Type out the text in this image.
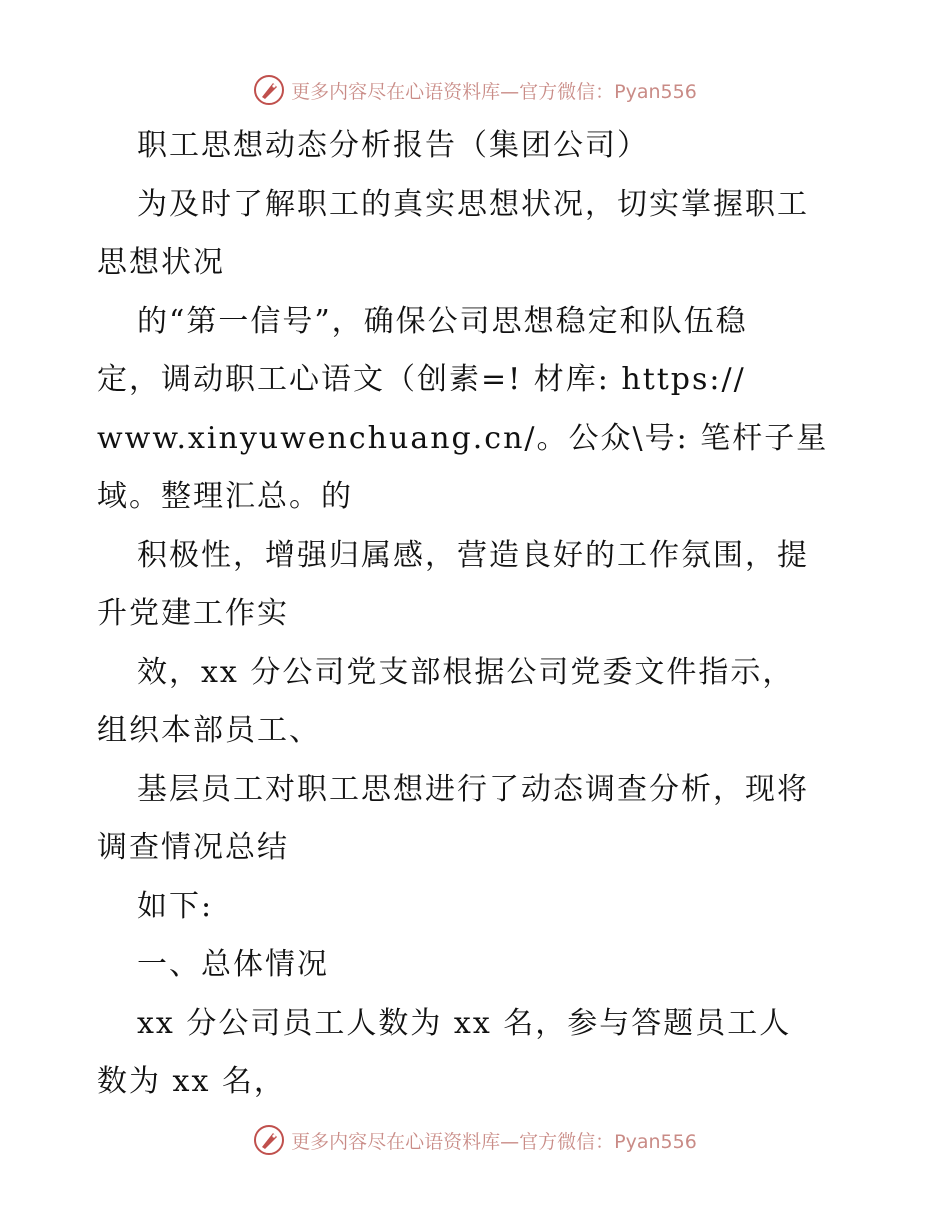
更多内容尽在心语资料库—官方微信：Pyan556
职工思想动态分析报告（集团公司）
为及时了解职工的真实思想状况，切实掌握职工
思想状况
的“第一信号”，确保公司思想稳定和队伍稳
定，调动职工心语文（创素=! 材库: https://
www.xinyuwenchuang.cn/。公众\号: 笔杆子星
域。整理汇总。的
积极性，增强归属感，营造良好的工作氛围，提
升党建工作实
效，xx 分公司党支部根据公司党委文件指示，
组织本部员工、
基层员工对职工思想进行了动态调查分析，现将
调查情况总结
如下:
一、总体情况
xx 分公司员工人数为 xx 名，参与答题员工人
数为 xx 名，
更多内容尽在心语资料库—官方微信：Pyan556
